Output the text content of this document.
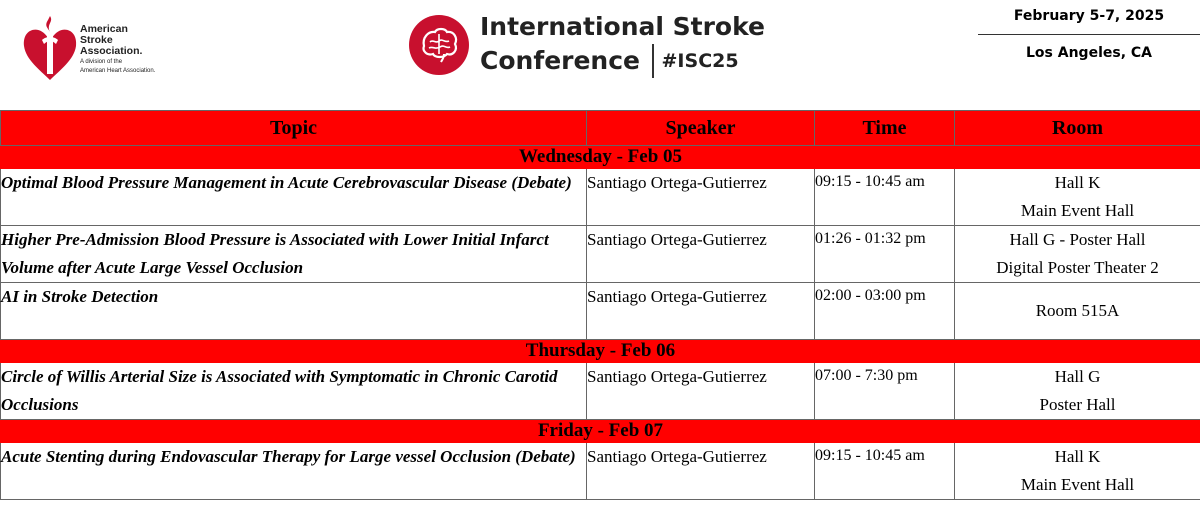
American
Stroke
Association.
A division of the
American Heart Association.
International Stroke
Conference #ISC25
February 5-7, 2025
Los Angeles, CA
Topic	Speaker	Time	Room
Wednesday - Feb 05			
Optimal Blood Pressure Management in Acute Cerebrovascular Disease (Debate)	Santiago Ortega-Gutierrez	09:15 - 10:45 am	Hall K
Main Event Hall

Higher Pre-Admission Blood Pressure is Associated with Lower Initial Infarct Volume after Acute Large Vessel Occlusion	Santiago Ortega-Gutierrez	01:26 - 01:32 pm	Hall G - Poster Hall
Digital Poster Theater 2

AI in Stroke Detection	Santiago Ortega-Gutierrez	02:00 - 03:00 pm	Room 515A
Thursday - Feb 06			
Circle of Willis Arterial Size is Associated with Symptomatic in Chronic Carotid Occlusions	Santiago Ortega-Gutierrez	07:00 - 7:30 pm	Hall G
Poster Hall

Friday - Feb 07			
Acute Stenting during Endovascular Therapy for Large vessel Occlusion (Debate)	Santiago Ortega-Gutierrez	09:15 - 10:45 am	Hall K
Main Event Hall
